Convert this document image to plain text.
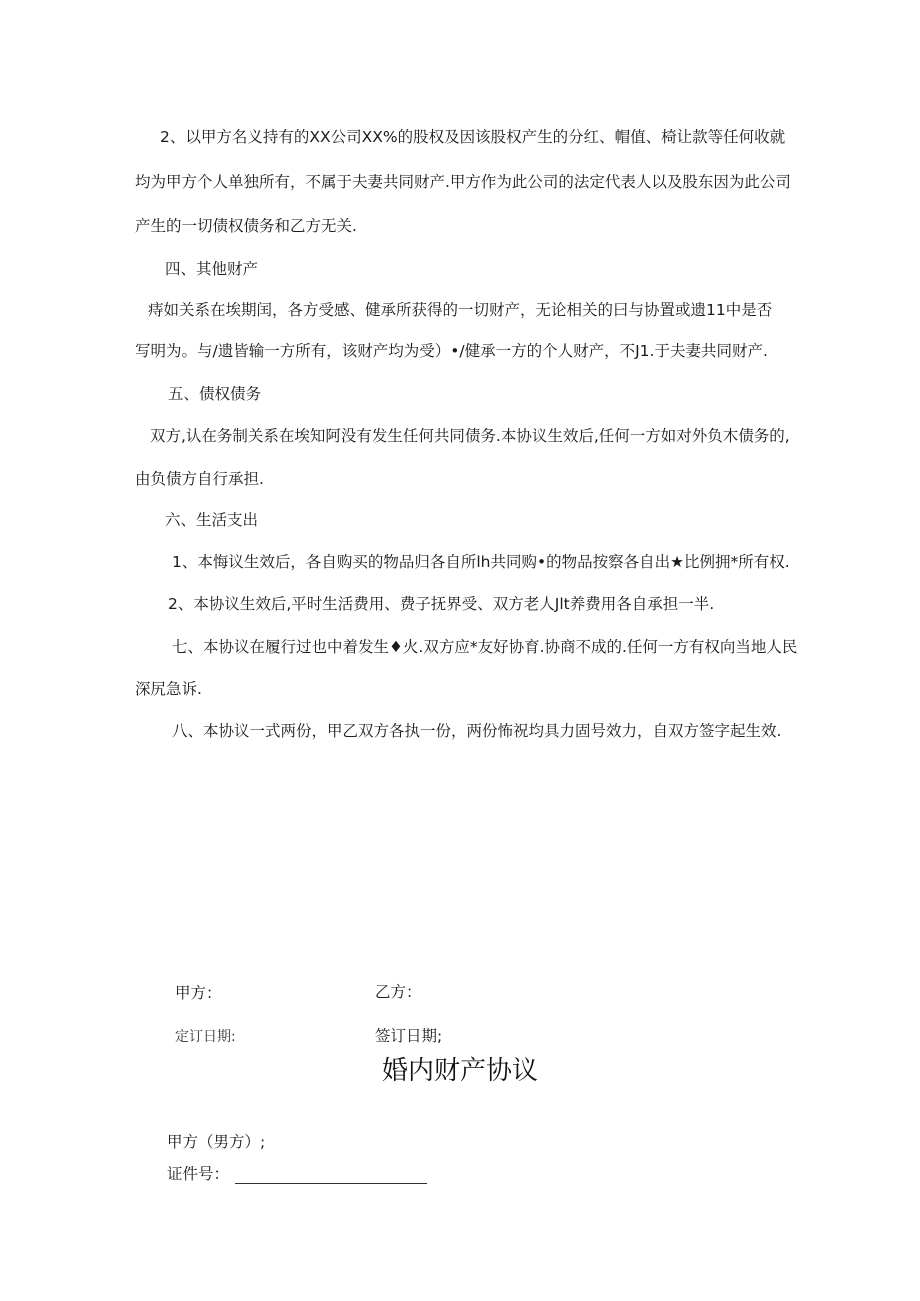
2、以甲方名义持有的XX公司XX%的股权及因该股权产生的分红、帽值、椅让款等任何收就

均为甲方个人单独所有，不属于夫妻共同财产.甲方作为此公司的法定代表人以及股东因为此公司

产生的一切债权债务和乙方无关.

四、其他财产

痔如关系在埃期闰，各方受感、健承所获得的一切财产，无论相关的曰与协置或遗11中是否

写明为。与/遗皆输一方所有，该财产均为受）•/健承一方的个人财产，不J1.于夫妻共同财产.

五、债权债务

双方,认在务制关系在埃知阿没有发生任何共同债务.本协议生效后,任何一方如对外负木债务的,

由负债方自行承担.

六、生活支出

1、本悔议生效后，各自购买的物品归各自所lh共同购•的物品按察各自出★比例拥*所有权.

2、本协议生效后,平时生活费用、费子抚界受、双方老人Jlt养费用各自承担一半.

七、本协议在履行过也中着发生♦火.双方应*友好协育.协商不成的.任何一方有权向当地人民

深尻急诉.

八、本协议一式两份，甲乙双方各执一份，两份怖祝均具力固号效力，自双方签字起生效.

甲方：	乙方：

定订日期:	签订日期;

婚内财产协议

甲方（男方）;

证件号：
